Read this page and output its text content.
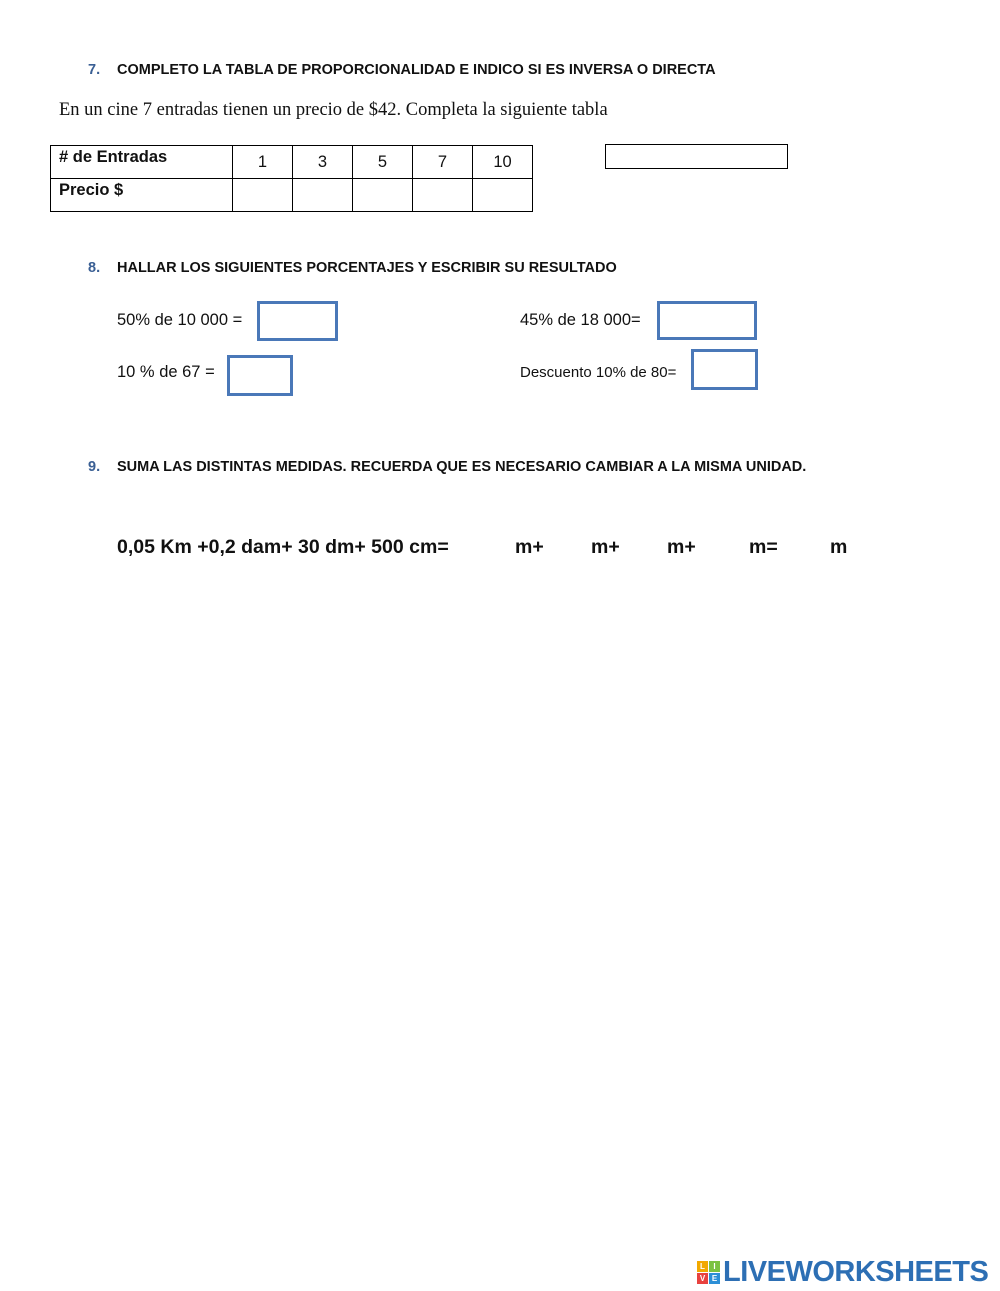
7. COMPLETO LA TABLA DE PROPORCIONALIDAD E INDICO SI ES INVERSA O DIRECTA
En un cine 7 entradas tienen un precio de $42. Completa la siguiente tabla
# de Entradas	1	3	5	7	10
Precio $					
8. HALLAR LOS SIGUIENTES PORCENTAJES Y ESCRIBIR SU RESULTADO
50% de 10 000 =	45% de 18 000=
10 % de 67 =	Descuento 10% de 80=
9. SUMA LAS DISTINTAS MEDIDAS. RECUERDA QUE ES NECESARIO CAMBIAR A LA MISMA UNIDAD.
0,05 Km +0,2 dam+ 30 dm+ 500 cm=	m+ m+ m+	m=	m
L	I
V E LIVEWORKSHEETS
